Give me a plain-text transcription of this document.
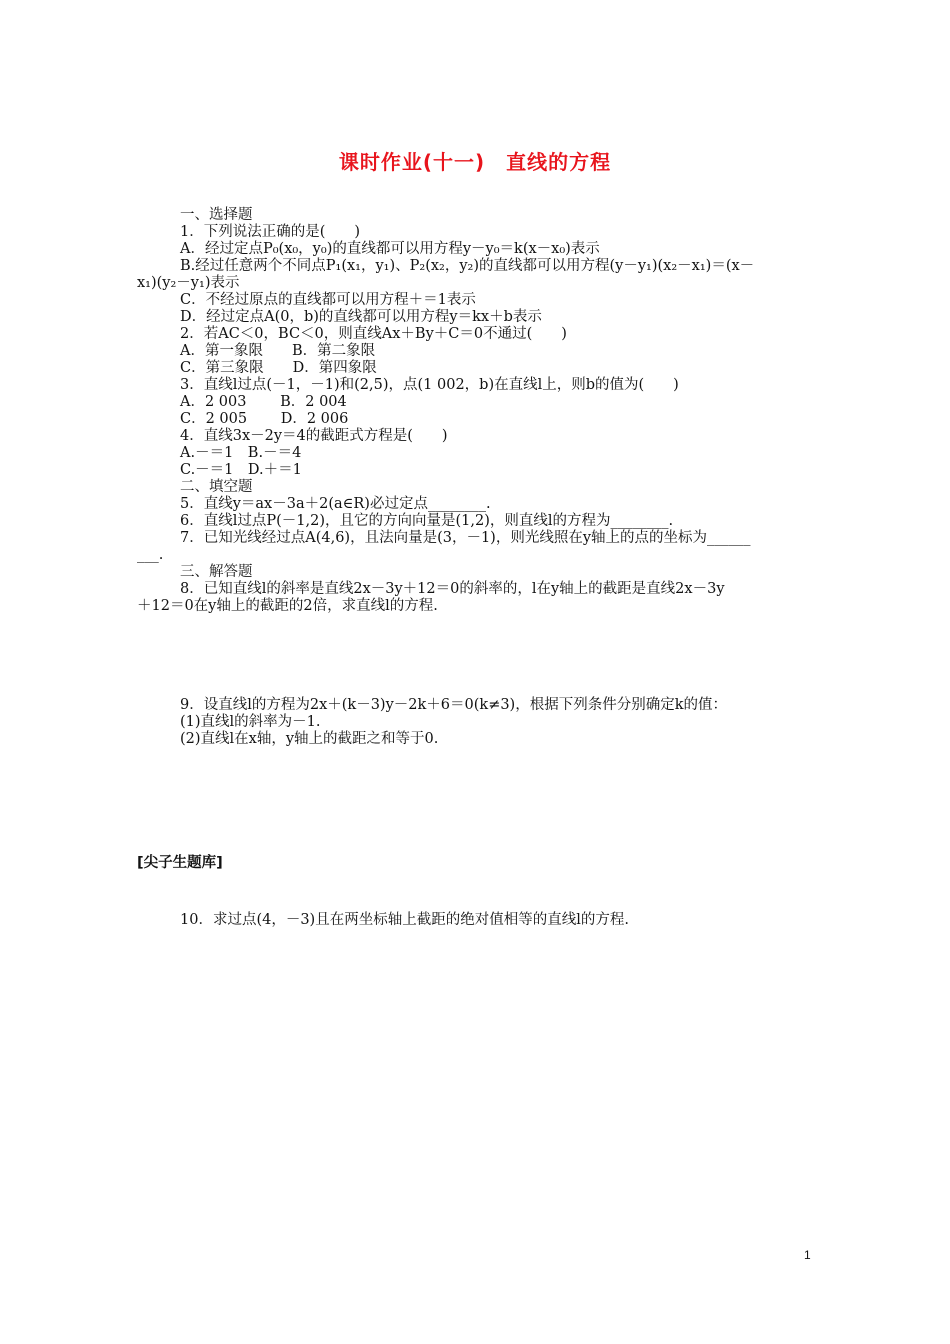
课时作业(十一)　直线的方程
一、选择题
1．下列说法正确的是(　　)
A．经过定点P₀(x₀，y₀)的直线都可以用方程y－y₀＝k(x－x₀)表示
B.经过任意两个不同点P₁(x₁，y₁)、P₂(x₂，y₂)的直线都可以用方程(y－y₁)(x₂－x₁)＝(x－
x₁)(y₂－y₁)表示
C．不经过原点的直线都可以用方程＋＝1表示
D．经过定点A(0，b)的直线都可以用方程y＝kx＋b表示
2．若AC＜0，BC＜0，则直线Ax＋By＋C＝0不通过(　　)
A．第一象限　　B．第二象限
C．第三象限　　D．第四象限
3．直线l过点(－1，－1)和(2,5)，点(1 002，b)在直线l上，则b的值为(　　)
A．2 003　　 B．2 004
C．2 005　　 D．2 006
4．直线3x－2y＝4的截距式方程是(　　)
A.－＝1　B.－＝4
C.－＝1　D.＋＝1
二、填空题
5．直线y＝ax－3a＋2(a∈R)必过定点________.
6．直线l过点P(－1,2)，且它的方向向量是(1,2)，则直线l的方程为________.
7．已知光线经过点A(4,6)，且法向量是(3，－1)，则光线照在y轴上的点的坐标为______
___.
三、解答题
8．已知直线l的斜率是直线2x－3y＋12＝0的斜率的，l在y轴上的截距是直线2x－3y
＋12＝0在y轴上的截距的2倍，求直线l的方程.
9．设直线l的方程为2x＋(k－3)y－2k＋6＝0(k≠3)，根据下列条件分别确定k的值：
(1)直线l的斜率为－1.
(2)直线l在x轴，y轴上的截距之和等于0.
[尖子生题库]
10．求过点(4，－3)且在两坐标轴上截距的绝对值相等的直线l的方程.
1
